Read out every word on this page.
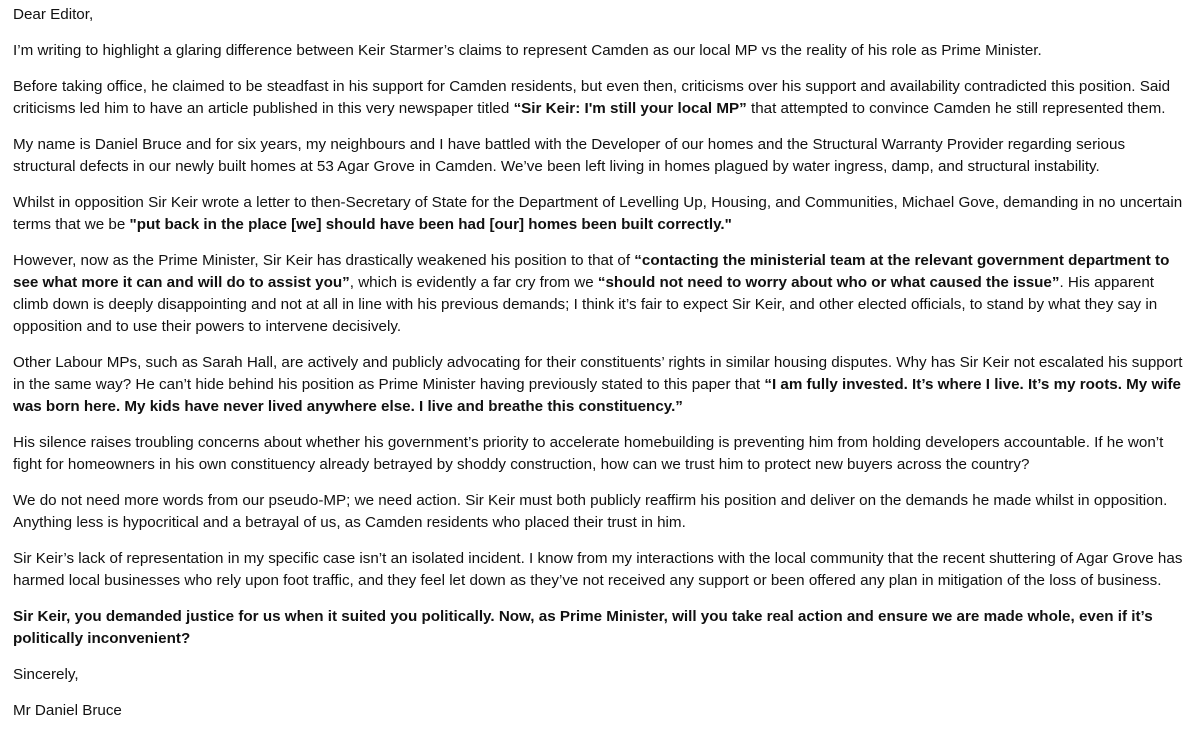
Dear Editor,

I’m writing to highlight a glaring difference between Keir Starmer’s claims to represent Camden as our local MP vs the reality of his role as Prime Minister.

Before taking office, he claimed to be steadfast in his support for Camden residents, but even then, criticisms over his support and availability contradicted this position. Said criticisms led him to have an article published in this very newspaper titled “Sir Keir: I'm still your local MP” that attempted to convince Camden he still represented them.

My name is Daniel Bruce and for six years, my neighbours and I have battled with the Developer of our homes and the Structural Warranty Provider regarding serious structural defects in our newly built homes at 53 Agar Grove in Camden. We’ve been left living in homes plagued by water ingress, damp, and structural instability.

Whilst in opposition Sir Keir wrote a letter to then-Secretary of State for the Department of Levelling Up, Housing, and Communities, Michael Gove, demanding in no uncertain terms that we be "put back in the place [we] should have been had [our] homes been built correctly."

However, now as the Prime Minister, Sir Keir has drastically weakened his position to that of “contacting the ministerial team at the relevant government department to see what more it can and will do to assist you”, which is evidently a far cry from we “should not need to worry about who or what caused the issue”. His apparent climb down is deeply disappointing and not at all in line with his previous demands; I think it’s fair to expect Sir Keir, and other elected officials, to stand by what they say in opposition and to use their powers to intervene decisively.

Other Labour MPs, such as Sarah Hall, are actively and publicly advocating for their constituents’ rights in similar housing disputes. Why has Sir Keir not escalated his support in the same way? He can’t hide behind his position as Prime Minister having previously stated to this paper that “I am fully invested. It’s where I live. It’s my roots. My wife was born here. My kids have never lived anywhere else. I live and breathe this constituency.”

His silence raises troubling concerns about whether his government’s priority to accelerate homebuilding is preventing him from holding developers accountable. If he won’t fight for homeowners in his own constituency already betrayed by shoddy construction, how can we trust him to protect new buyers across the country?

We do not need more words from our pseudo-MP; we need action. Sir Keir must both publicly reaffirm his position and deliver on the demands he made whilst in opposition. Anything less is hypocritical and a betrayal of us, as Camden residents who placed their trust in him.

Sir Keir’s lack of representation in my specific case isn’t an isolated incident. I know from my interactions with the local community that the recent shuttering of Agar Grove has harmed local businesses who rely upon foot traffic, and they feel let down as they’ve not received any support or been offered any plan in mitigation of the loss of business.

Sir Keir, you demanded justice for us when it suited you politically. Now, as Prime Minister, will you take real action and ensure we are made whole, even if it’s politically inconvenient?

Sincerely,

Mr Daniel Bruce
